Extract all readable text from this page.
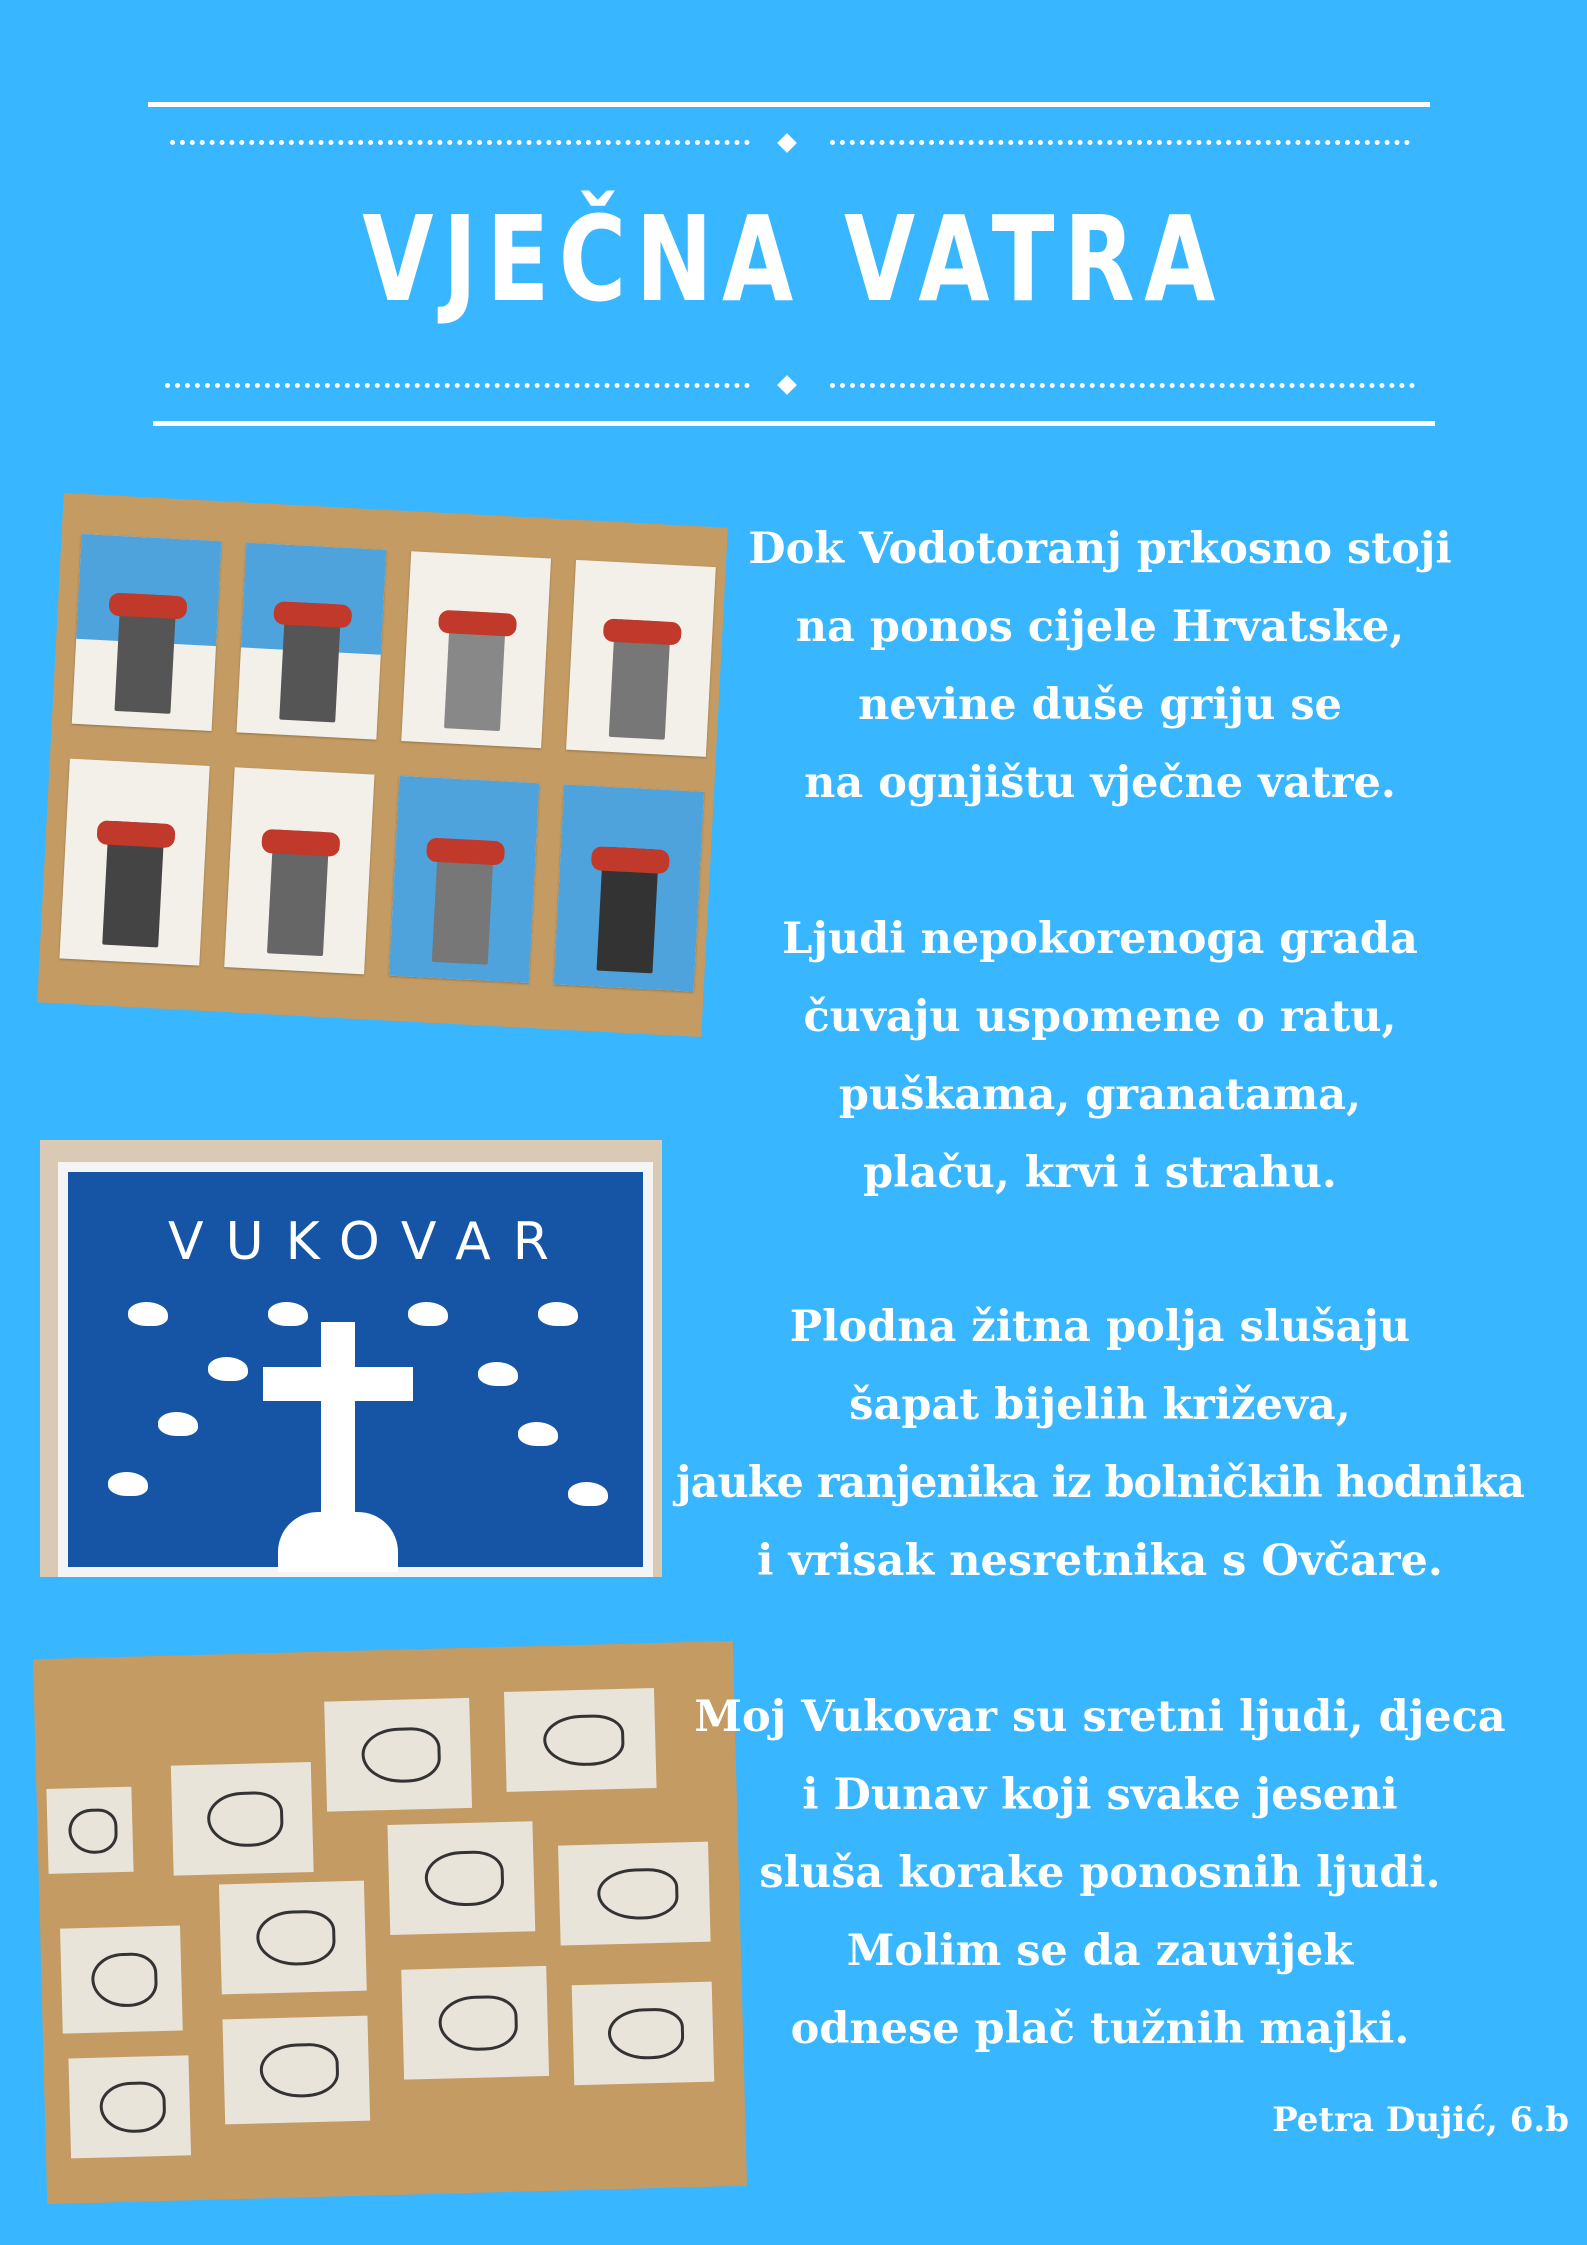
VJEČNA VATRA
VUKOVAR
Dok Vodotoranj prkosno stoji
na ponos cijele Hrvatske,
nevine duše griju se
na ognjištu vječne vatre.
Ljudi nepokorenoga grada
čuvaju uspomene o ratu,
puškama, granatama,
plaču, krvi i strahu.
Plodna žitna polja slušaju
šapat bijelih križeva,
jauke ranjenika iz bolničkih hodnika
i vrisak nesretnika s Ovčare.
Moj Vukovar su sretni ljudi, djeca
i Dunav koji svake jeseni
sluša korake ponosnih ljudi.
Molim se da zauvijek
odnese plač tužnih majki.
Petra Dujić, 6.b
